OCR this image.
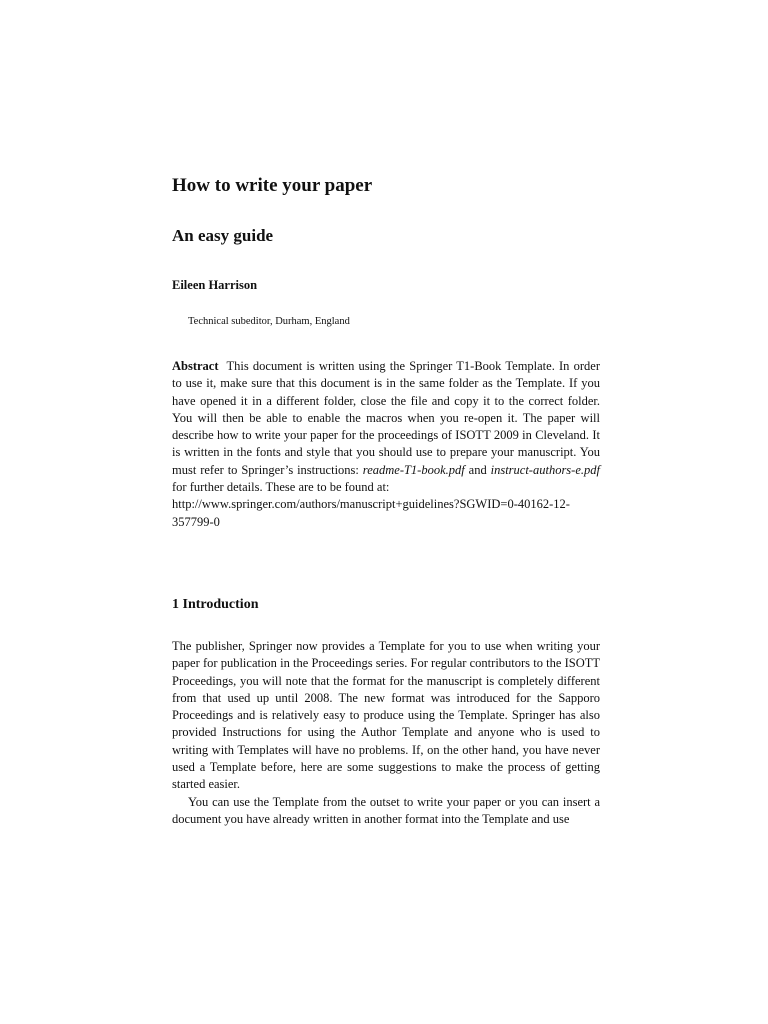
How to write your paper
An easy guide
Eileen Harrison
Technical subeditor, Durham, England
Abstract This document is written using the Springer T1-Book Template. In order to use it, make sure that this document is in the same folder as the Template. If you have opened it in a different folder, close the file and copy it to the correct folder. You will then be able to enable the macros when you re-open it. The paper will describe how to write your paper for the proceedings of ISOTT 2009 in Cleveland. It is written in the fonts and style that you should use to prepare your manuscript. You must refer to Springer’s instructions: readme-T1-book.pdf and instruct-authors-e.pdf for further details. These are to be found at:
http://www.springer.com/authors/manuscript+guidelines?SGWID=0-40162-12-357799-0
1 Introduction

The publisher, Springer now provides a Template for you to use when writing your paper for publication in the Proceedings series. For regular contributors to the ISOTT Proceedings, you will note that the format for the manuscript is completely different from that used up until 2008. The new format was introduced for the Sapporo Proceedings and is relatively easy to produce using the Template. Springer has also provided Instructions for using the Author Template and anyone who is used to writing with Templates will have no problems. If, on the other hand, you have never used a Template before, here are some suggestions to make the process of getting started easier.

You can use the Template from the outset to write your paper or you can insert a document you have already written in another format into the Template and use
